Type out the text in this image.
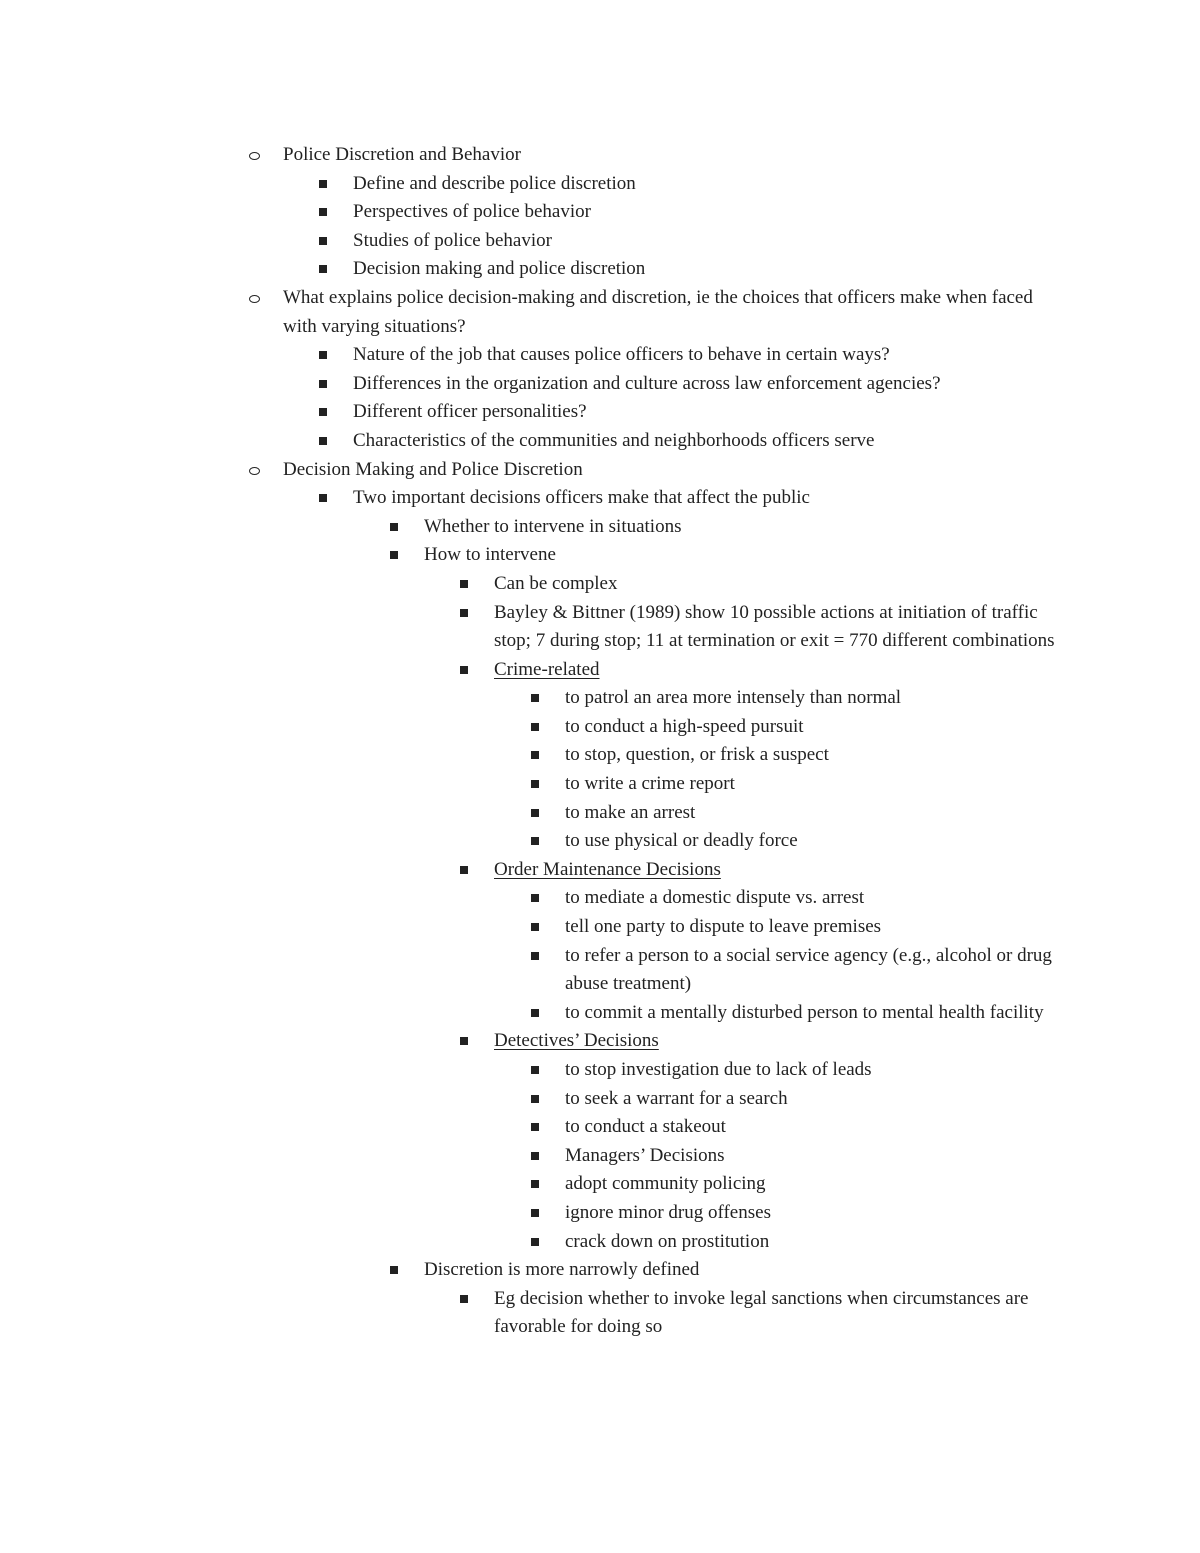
Police Discretion and Behavior
Define and describe police discretion
Perspectives of police behavior
Studies of police behavior
Decision making and police discretion
What explains police decision-making and discretion, ie the choices that officers make when faced with varying situations?
Nature of the job that causes police officers to behave in certain ways?
Differences in the organization and culture across law enforcement agencies?
Different officer personalities?
Characteristics of the communities and neighborhoods officers serve
Decision Making and Police Discretion
Two important decisions officers make that affect the public
Whether to intervene in situations
How to intervene
Can be complex
Bayley & Bittner (1989) show 10 possible actions at initiation of traffic stop; 7 during stop; 11 at termination or exit = 770 different combinations
Crime-related
to patrol an area more intensely than normal
to conduct a high-speed pursuit
to stop, question, or frisk a suspect
to write a crime report
to make an arrest
to use physical or deadly force
Order Maintenance Decisions
to mediate a domestic dispute vs. arrest
tell one party to dispute to leave premises
to refer a person to a social service agency (e.g., alcohol or drug abuse treatment)
to commit a mentally disturbed person to mental health facility
Detectives’ Decisions
to stop investigation due to lack of leads
to seek a warrant for a search
to conduct a stakeout
Managers’ Decisions
adopt community policing
ignore minor drug offenses
crack down on prostitution
Discretion is more narrowly defined
Eg decision whether to invoke legal sanctions when circumstances are favorable for doing so
